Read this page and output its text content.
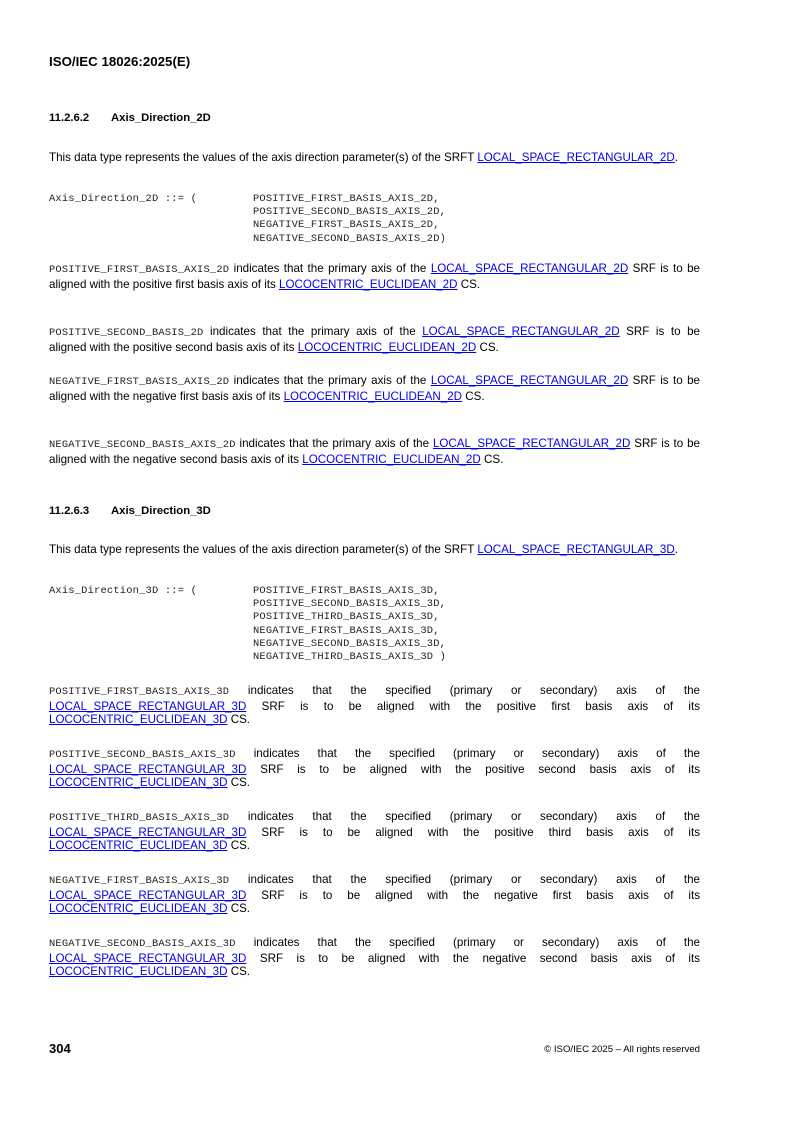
ISO/IEC 18026:2025(E)
11.2.6.2 Axis_Direction_2D
This data type represents the values of the axis direction parameter(s) of the SRFT LOCAL_SPACE_RECTANGULAR_2D.
Axis_Direction_2D ::= (	POSITIVE_FIRST_BASIS_AXIS_2D,
POSITIVE_SECOND_BASIS_AXIS_2D,
NEGATIVE_FIRST_BASIS_AXIS_2D,
NEGATIVE_SECOND_BASIS_AXIS_2D)
POSITIVE_FIRST_BASIS_AXIS_2D indicates that the primary axis of the LOCAL_SPACE_RECTANGULAR_2D SRF is to be aligned with the positive first basis axis of its LOCOCENTRIC_EUCLIDEAN_2D CS.
POSITIVE_SECOND_BASIS_2D indicates that the primary axis of the LOCAL_SPACE_RECTANGULAR_2D SRF is to be aligned with the positive second basis axis of its LOCOCENTRIC_EUCLIDEAN_2D CS.
NEGATIVE_FIRST_BASIS_AXIS_2D indicates that the primary axis of the LOCAL_SPACE_RECTANGULAR_2D SRF is to be aligned with the negative first basis axis of its LOCOCENTRIC_EUCLIDEAN_2D CS.
NEGATIVE_SECOND_BASIS_AXIS_2D indicates that the primary axis of the LOCAL_SPACE_RECTANGULAR_2D SRF is to be aligned with the negative second basis axis of its LOCOCENTRIC_EUCLIDEAN_2D CS.
11.2.6.3 Axis_Direction_3D
This data type represents the values of the axis direction parameter(s) of the SRFT LOCAL_SPACE_RECTANGULAR_3D.
Axis_Direction_3D ::= (	POSITIVE_FIRST_BASIS_AXIS_3D,
POSITIVE_SECOND_BASIS_AXIS_3D,
POSITIVE_THIRD_BASIS_AXIS_3D,
NEGATIVE_FIRST_BASIS_AXIS_3D,
NEGATIVE_SECOND_BASIS_AXIS_3D,
NEGATIVE_THIRD_BASIS_AXIS_3D )
POSITIVE_FIRST_BASIS_AXIS_3D indicates that the specified (primary or secondary) axis of the LOCAL_SPACE_RECTANGULAR_3D SRF is to be aligned with the positive first basis axis of its LOCOCENTRIC_EUCLIDEAN_3D CS.
POSITIVE_SECOND_BASIS_AXIS_3D indicates that the specified (primary or secondary) axis of the LOCAL_SPACE_RECTANGULAR_3D SRF is to be aligned with the positive second basis axis of its LOCOCENTRIC_EUCLIDEAN_3D CS.
POSITIVE_THIRD_BASIS_AXIS_3D indicates that the specified (primary or secondary) axis of the LOCAL_SPACE_RECTANGULAR_3D SRF is to be aligned with the positive third basis axis of its LOCOCENTRIC_EUCLIDEAN_3D CS.
NEGATIVE_FIRST_BASIS_AXIS_3D indicates that the specified (primary or secondary) axis of the LOCAL_SPACE_RECTANGULAR_3D SRF is to be aligned with the negative first basis axis of its LOCOCENTRIC_EUCLIDEAN_3D CS.
NEGATIVE_SECOND_BASIS_AXIS_3D indicates that the specified (primary or secondary) axis of the LOCAL_SPACE_RECTANGULAR_3D SRF is to be aligned with the negative second basis axis of its LOCOCENTRIC_EUCLIDEAN_3D CS.
304	© ISO/IEC 2025 – All rights reserved
